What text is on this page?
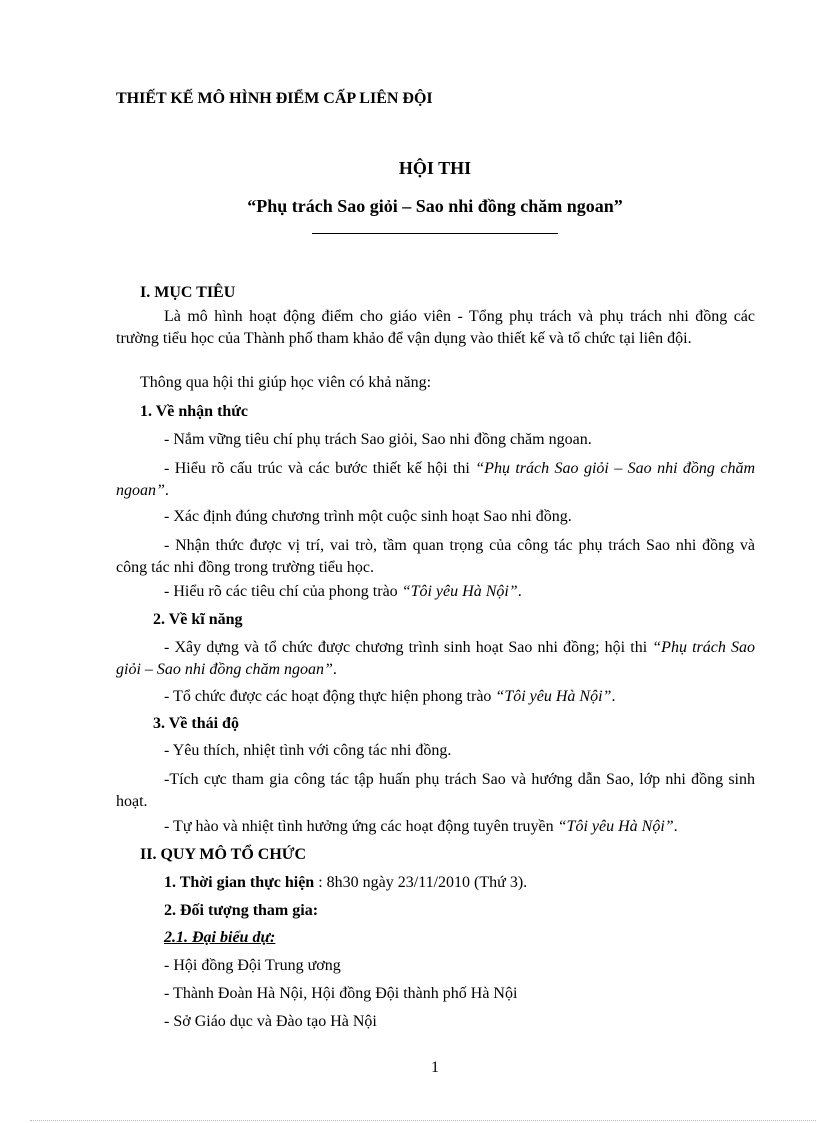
THIẾT KẾ MÔ HÌNH ĐIỂM CẤP LIÊN ĐỘI
HỘI THI
“Phụ trách Sao giỏi – Sao nhi đồng chăm ngoan”
I. MỤC TIÊU
Là mô hình hoạt động điểm cho giáo viên - Tổng phụ trách và phụ trách nhi đồng các trường tiểu học của Thành phố tham khảo để vận dụng vào thiết kế và tổ chức tại liên đội.
Thông qua hội thi giúp học viên có khả năng:
1. Về nhận thức
- Nắm vững tiêu chí phụ trách Sao giỏi, Sao nhi đồng chăm ngoan.
- Hiểu rõ cấu trúc và các bước thiết kế hội thi “Phụ trách Sao giỏi – Sao nhi đồng chăm ngoan”.
- Xác định đúng chương trình một cuộc sinh hoạt Sao nhi đồng.
- Nhận thức được vị trí, vai trò, tầm quan trọng của công tác phụ trách Sao nhi đồng và công tác nhi đồng trong trường tiểu học.
- Hiểu rõ các tiêu chí của phong trào “Tôi yêu Hà Nội”.
2. Về kĩ năng
- Xây dựng và tổ chức được chương trình sinh hoạt Sao nhi đồng; hội thi “Phụ trách Sao giỏi – Sao nhi đồng chăm ngoan”.
- Tổ chức được các hoạt động thực hiện phong trào “Tôi yêu Hà Nội”.
3. Về thái độ
- Yêu thích, nhiệt tình với công tác nhi đồng.
-Tích cực tham gia công tác tập huấn phụ trách Sao và hướng dẫn Sao, lớp nhi đồng sinh hoạt.
- Tự hào và nhiệt tình hưởng ứng các hoạt động tuyên truyền “Tôi yêu Hà Nội”.
II. QUY MÔ TỔ CHỨC
1. Thời gian thực hiện : 8h30 ngày 23/11/2010 (Thứ 3).
2. Đối tượng tham gia:
2.1. Đại biểu dự:
- Hội đồng Đội Trung ương
- Thành Đoàn Hà Nội, Hội đồng Đội thành phố Hà Nội
- Sở Giáo dục và Đào tạo Hà Nội
1
